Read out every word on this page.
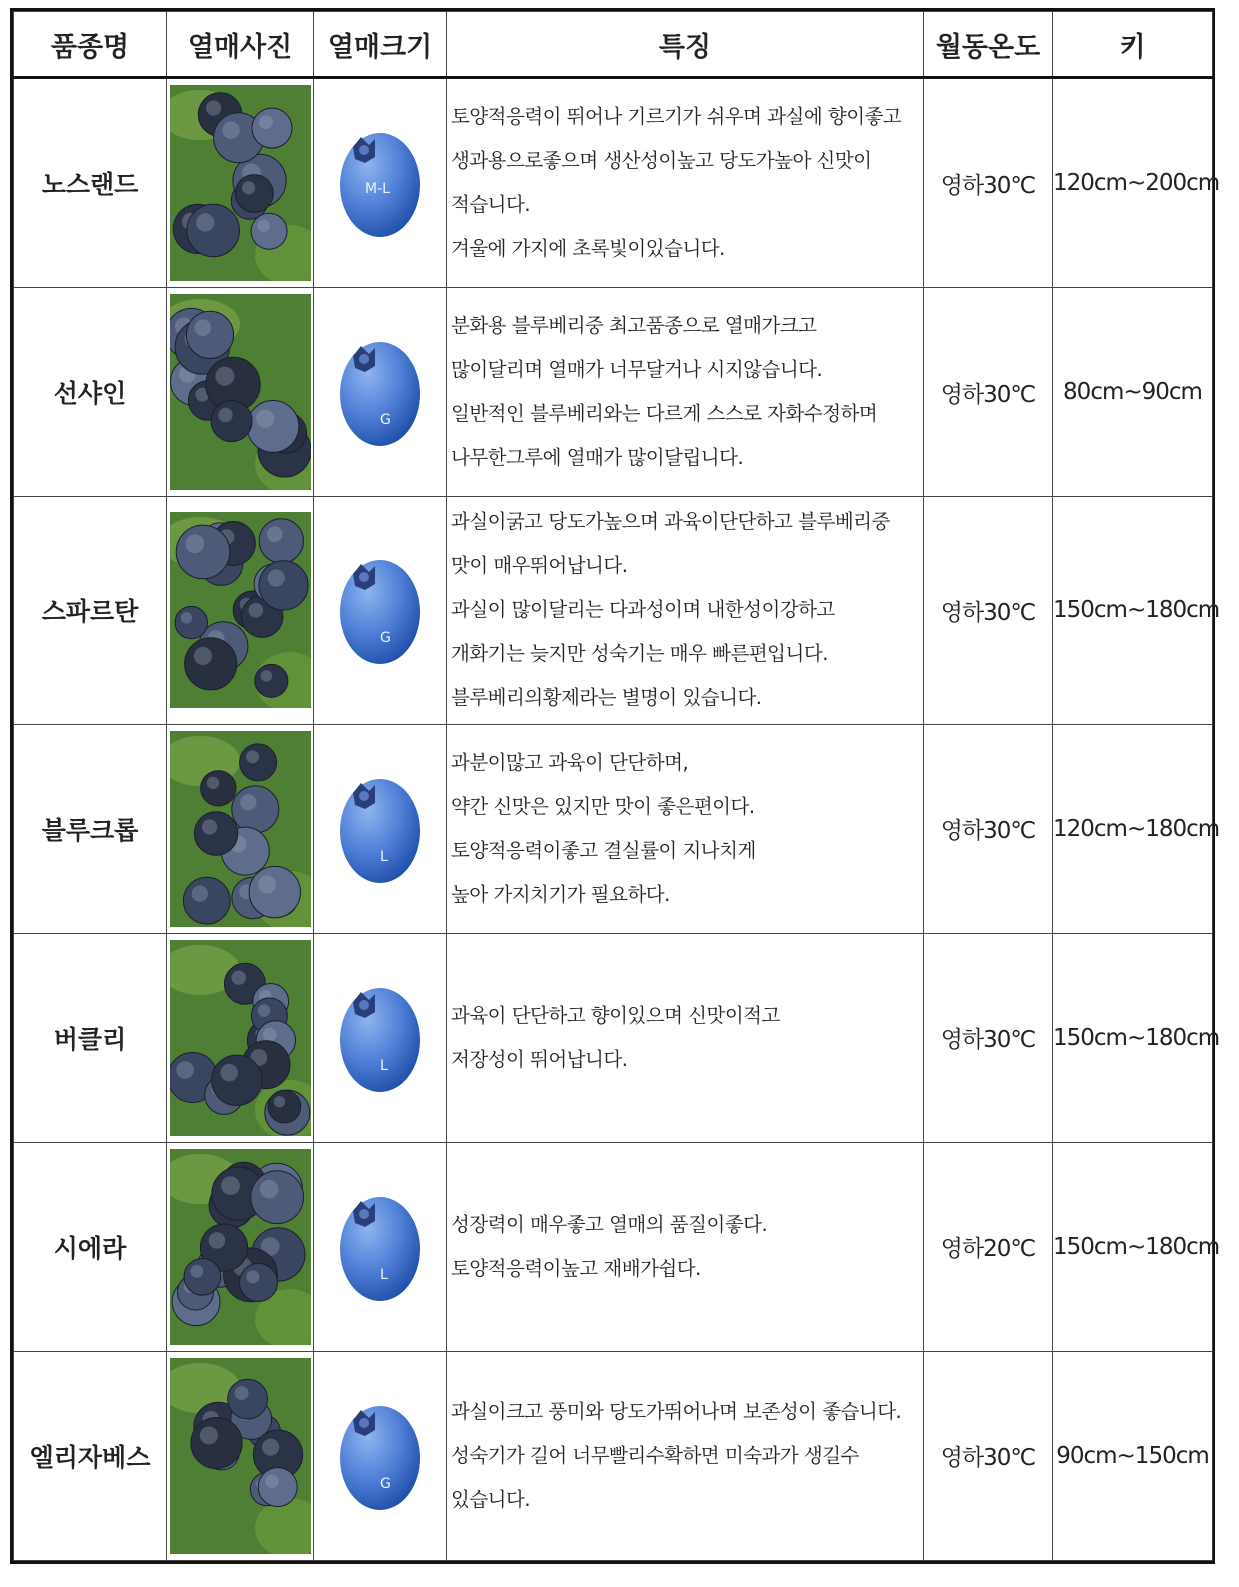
품종명	열매사진	열매크기	특징	월동온도	키
노스랜드		M-L	토양적응력이 뛰어나 기르기가 쉬우며 과실에 향이좋고
생과용으로좋으며 생산성이높고 당도가높아 신맛이
적습니다.
겨울에 가지에 초록빛이있습니다.	영하30℃	120cm~200cm
선샤인		G	분화용 블루베리중 최고품종으로 열매가크고
많이달리며 열매가 너무달거나 시지않습니다.
일반적인 블루베리와는 다르게 스스로 자화수정하며
나무한그루에 열매가 많이달립니다.	영하30℃	80cm~90cm
스파르탄		G	과실이굵고 당도가높으며 과육이단단하고 블루베리중
맛이 매우뛰어납니다.
과실이 많이달리는 다과성이며 내한성이강하고
개화기는 늦지만 성숙기는 매우 빠른편입니다.
블루베리의황제라는 별명이 있습니다.	영하30℃	150cm~180cm
블루크롭		L	과분이많고 과육이 단단하며,
약간 신맛은 있지만 맛이 좋은편이다.
토양적응력이좋고 결실률이 지나치게
높아 가지치기가 필요하다.	영하30℃	120cm~180cm
버클리		L	과육이 단단하고 향이있으며 신맛이적고
저장성이 뛰어납니다.	영하30℃	150cm~180cm
시에라		L	성장력이 매우좋고 열매의 품질이좋다.
토양적응력이높고 재배가쉽다.	영하20℃	150cm~180cm
엘리자베스		G	과실이크고 풍미와 당도가뛰어나며 보존성이 좋습니다.
성숙기가 길어 너무빨리수확하면 미숙과가 생길수
있습니다.	영하30℃	90cm~150cm
